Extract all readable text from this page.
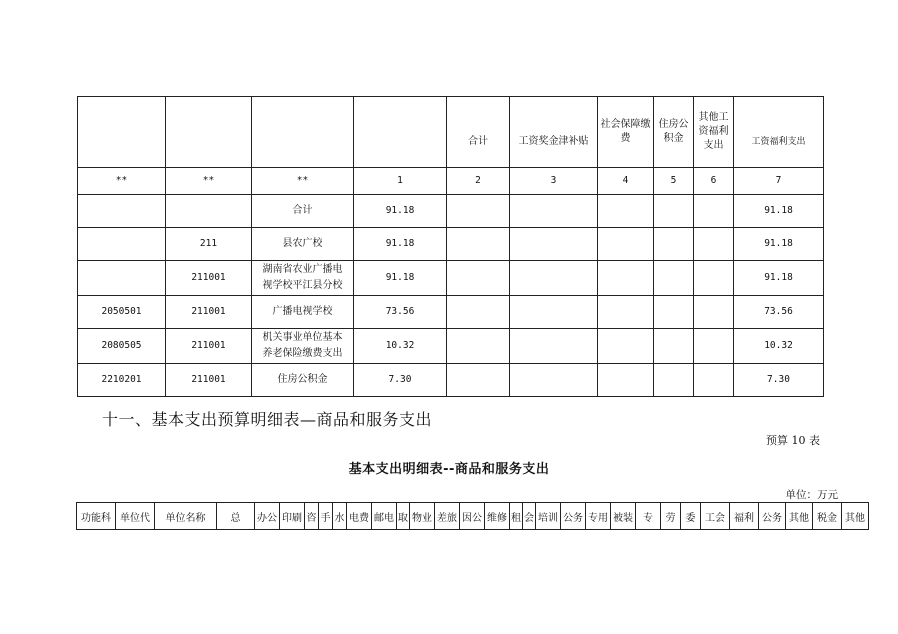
				合计	工资奖金津补贴	社会保障缴费	住房公积金	其他工资福利支出	工资福利支出
**	**	**	1	2	3	4	5	6	7
		合计	91.18						91.18
	211	县农广校	91.18						91.18
	211001	湖南省农业广播电视学校平江县分校	91.18						91.18
2050501	211001	广播电视学校	73.56						73.56
2080505	211001	机关事业单位基本养老保险缴费支出	10.32						10.32
2210201	211001	住房公积金	7.30						7.30
十一、基本支出预算明细表—商品和服务支出
预算 10 表
基本支出明细表--商品和服务支出
单位：万元
功能科	单位代	单位名称	总	办公	印刷	咨	手	水	电费	邮电	取	物业	差旅	因公	维修	租	会	培训	公务	专用	被装	专	劳	委	工会	福利	公务	其他	税金	其他
